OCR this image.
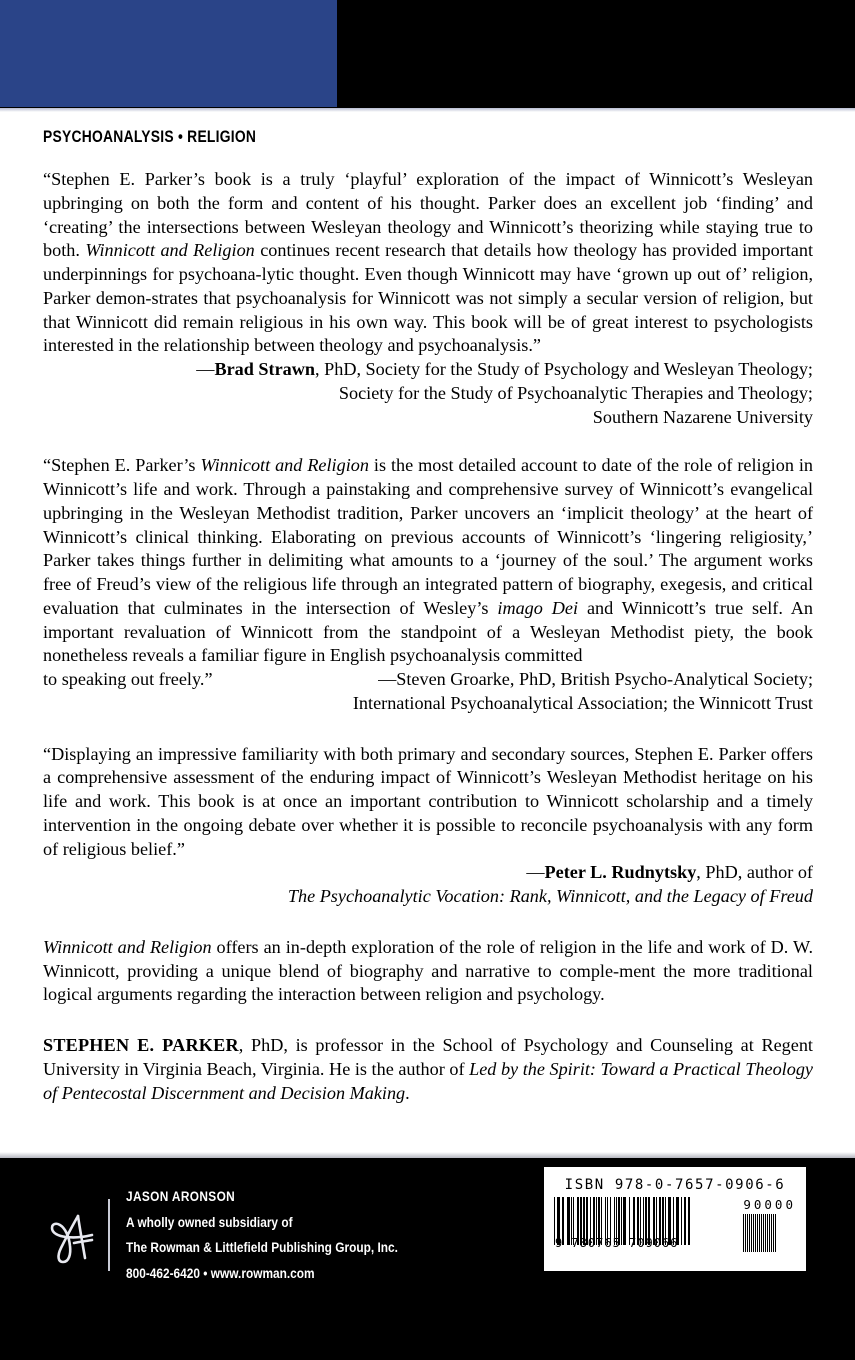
PSYCHOANALYSIS • RELIGION

“Stephen E. Parker’s book is a truly ‘playful’ exploration of the impact of Winnicott’s Wesleyan upbringing on both the form and content of his thought. Parker does an excellent job ‘finding’ and ‘creating’ the intersections between Wesleyan theology and Winnicott’s theorizing while staying true to both. Winnicott and Religion continues recent research that details how theology has provided important underpinnings for psychoana-lytic thought. Even though Winnicott may have ‘grown up out of’ religion, Parker demon-strates that psychoanalysis for Winnicott was not simply a secular version of religion, but that Winnicott did remain religious in his own way. This book will be of great interest to psychologists interested in the relationship between theology and psychoanalysis.”

—Brad Strawn, PhD, Society for the Study of Psychology and Wesleyan Theology;

Society for the Study of Psychoanalytic Therapies and Theology;

Southern Nazarene University

“Stephen E. Parker’s Winnicott and Religion is the most detailed account to date of the role of religion in Winnicott’s life and work. Through a painstaking and comprehensive survey of Winnicott’s evangelical upbringing in the Wesleyan Methodist tradition, Parker uncovers an ‘implicit theology’ at the heart of Winnicott’s clinical thinking. Elaborating on previous accounts of Winnicott’s ‘lingering religiosity,’ Parker takes things further in delimiting what amounts to a ‘journey of the soul.’ The argument works free of Freud’s view of the religious life through an integrated pattern of biography, exegesis, and critical evaluation that culminates in the intersection of Wesley’s imago Dei and Winnicott’s true self. An important revaluation of Winnicott from the standpoint of a Wesleyan Methodist piety, the book nonetheless reveals a familiar figure in English psychoanalysis committed

to speaking out freely.”	—Steven Groarke, PhD, British Psycho-Analytical Society;

International Psychoanalytical Association; the Winnicott Trust

“Displaying an impressive familiarity with both primary and secondary sources, Stephen E. Parker offers a comprehensive assessment of the enduring impact of Winnicott’s Wesleyan Methodist heritage on his life and work. This book is at once an important contribution to Winnicott scholarship and a timely intervention in the ongoing debate over whether it is possible to reconcile psychoanalysis with any form of religious belief.”

—Peter L. Rudnytsky, PhD, author of

The Psychoanalytic Vocation: Rank, Winnicott, and the Legacy of Freud

Winnicott and Religion offers an in-depth exploration of the role of religion in the life and work of D. W. Winnicott, providing a unique blend of biography and narrative to comple-ment the more traditional logical arguments regarding the interaction between religion and psychology.

STEPHEN E. PARKER, PhD, is professor in the School of Psychology and Counseling at Regent University in Virginia Beach, Virginia. He is the author of Led by the Spirit: Toward a Practical Theology of Pentecostal Discernment and Decision Making.

JASON ARONSON
A wholly owned subsidiary of
The Rowman & Littlefield Publishing Group, Inc.
800-462-6420 • www.rowman.com
ISBN 978-0-7657-0906-6
9 780765 709066
90000
